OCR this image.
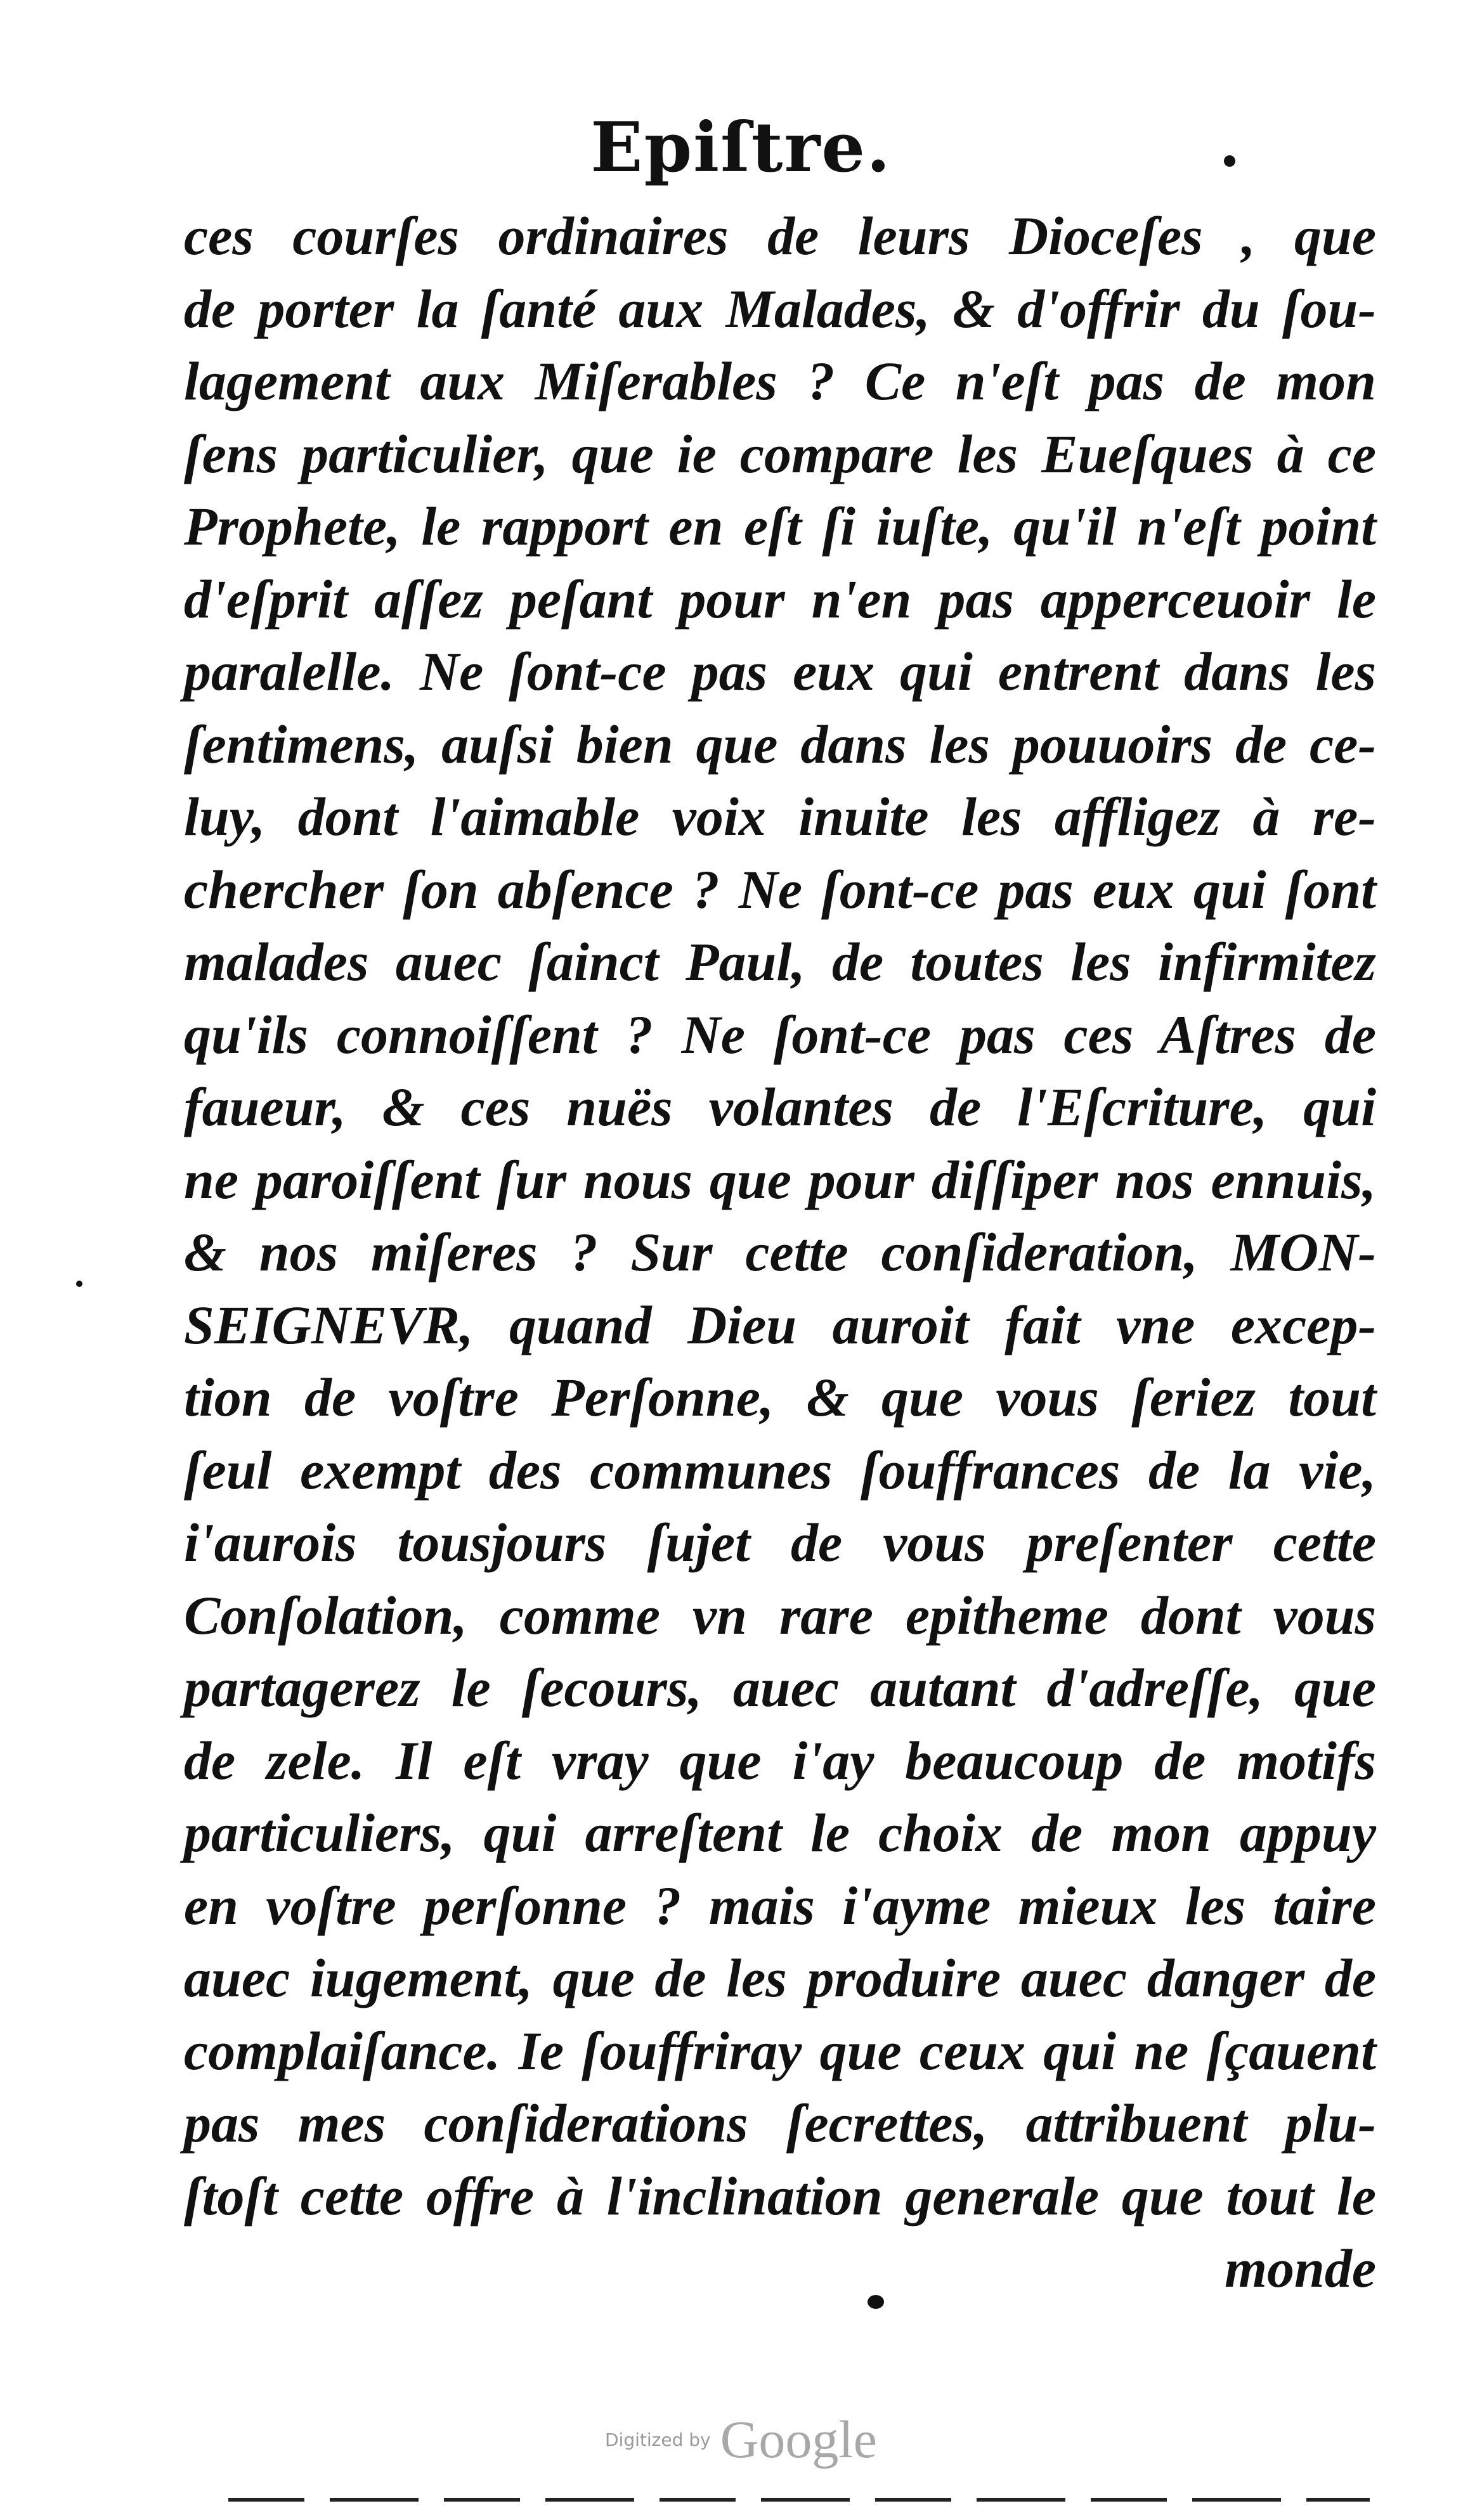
Epiſtre.
ces courſes ordinaires de leurs Dioceſes , que
de porter la ſanté aux Malades, & d'offrir du ſou-
lagement aux Miſerables ? Ce n'eſt pas de mon
ſens particulier, que ie compare les Eueſques à ce
Prophete, le rapport en eſt ſi iuſte, qu'il n'eſt point
d'eſprit aſſez peſant pour n'en pas apperceuoir le
paralelle. Ne ſont-ce pas eux qui entrent dans les
ſentimens, auſsi bien que dans les pouuoirs de ce-
luy, dont l'aimable voix inuite les affligez à re-
chercher ſon abſence ? Ne ſont-ce pas eux qui ſont
malades auec ſainct Paul, de toutes les infirmitez
qu'ils connoiſſent ? Ne ſont-ce pas ces Aſtres de
faueur, & ces nuës volantes de l'Eſcriture, qui
ne paroiſſent ſur nous que pour diſſiper nos ennuis,
& nos miſeres ? Sur cette conſideration, MON-
SEIGNEVR, quand Dieu auroit fait vne excep-
tion de voſtre Perſonne, & que vous ſeriez tout
ſeul exempt des communes ſouffrances de la vie,
i'aurois tousjours ſujet de vous preſenter cette
Conſolation, comme vn rare epitheme dont vous
partagerez le ſecours, auec autant d'adreſſe, que
de zele. Il eſt vray que i'ay beaucoup de motifs
particuliers, qui arreſtent le choix de mon appuy
en voſtre perſonne ? mais i'ayme mieux les taire
auec iugement, que de les produire auec danger de
complaiſance. Ie ſouffriray que ceux qui ne ſçauent
pas mes conſiderations ſecrettes, attribuent plu-
ſtoſt cette offre à l'inclination generale que tout le
monde
Digitized by Google
